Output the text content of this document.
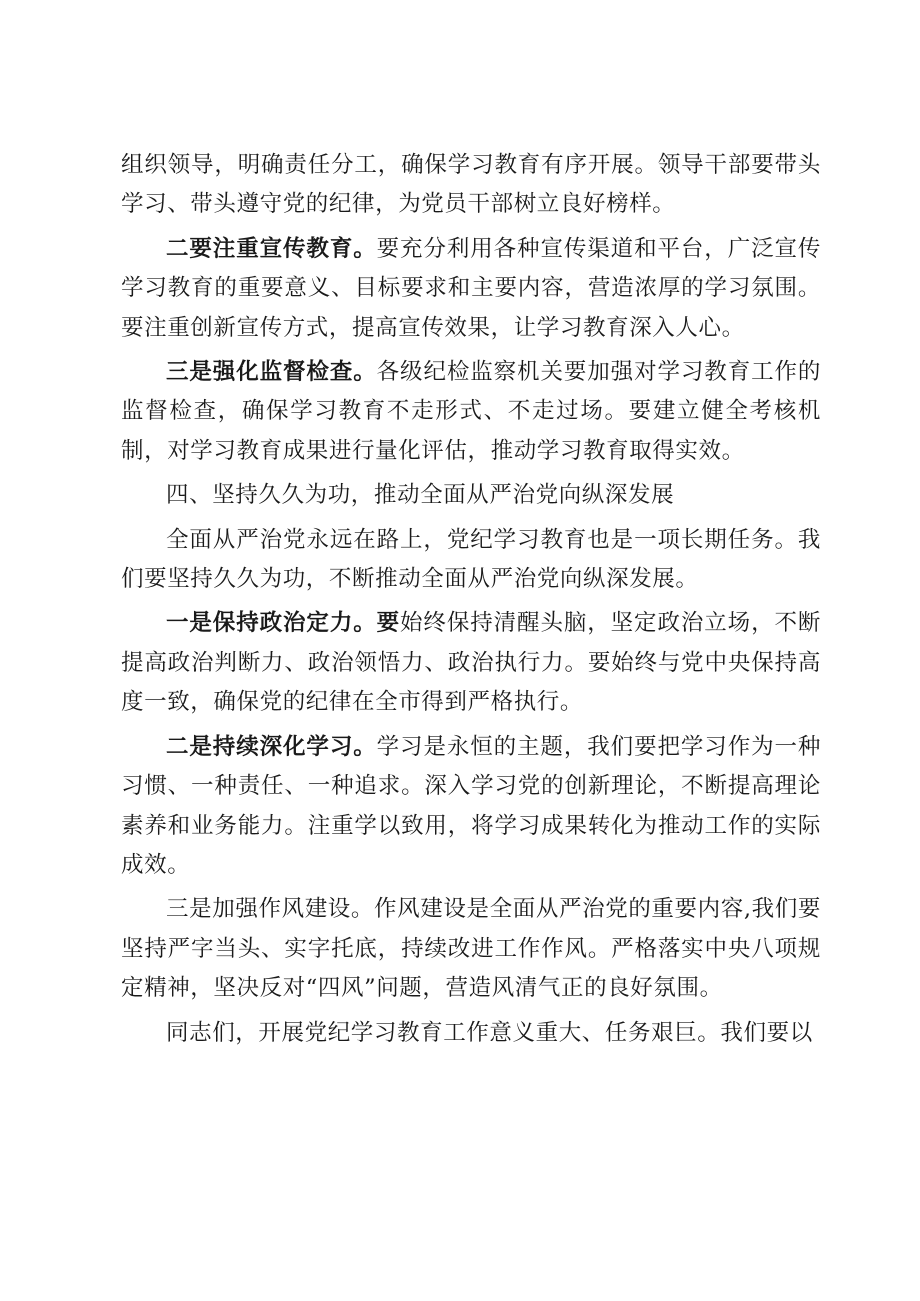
组织领导，明确责任分工，确保学习教育有序开展。领导干部要带头学习、带头遵守党的纪律，为党员干部树立良好榜样。

二要注重宣传教育。要充分利用各种宣传渠道和平台，广泛宣传学习教育的重要意义、目标要求和主要内容，营造浓厚的学习氛围。要注重创新宣传方式，提高宣传效果，让学习教育深入人心。

三是强化监督检查。各级纪检监察机关要加强对学习教育工作的监督检查，确保学习教育不走形式、不走过场。要建立健全考核机制，对学习教育成果进行量化评估，推动学习教育取得实效。

四、坚持久久为功，推动全面从严治党向纵深发展

全面从严治党永远在路上，党纪学习教育也是一项长期任务。我们要坚持久久为功，不断推动全面从严治党向纵深发展。

一是保持政治定力。要始终保持清醒头脑，坚定政治立场，不断提高政治判断力、政治领悟力、政治执行力。要始终与党中央保持高度一致，确保党的纪律在全市得到严格执行。

二是持续深化学习。学习是永恒的主题，我们要把学习作为一种习惯、一种责任、一种追求。深入学习党的创新理论，不断提高理论素养和业务能力。注重学以致用，将学习成果转化为推动工作的实际成效。

三是加强作风建设。作风建设是全面从严治党的重要内容,我们要坚持严字当头、实字托底，持续改进工作作风。严格落实中央八项规定精神，坚决反对“四风”问题，营造风清气正的良好氛围。

同志们，开展党纪学习教育工作意义重大、任务艰巨。我们要以
